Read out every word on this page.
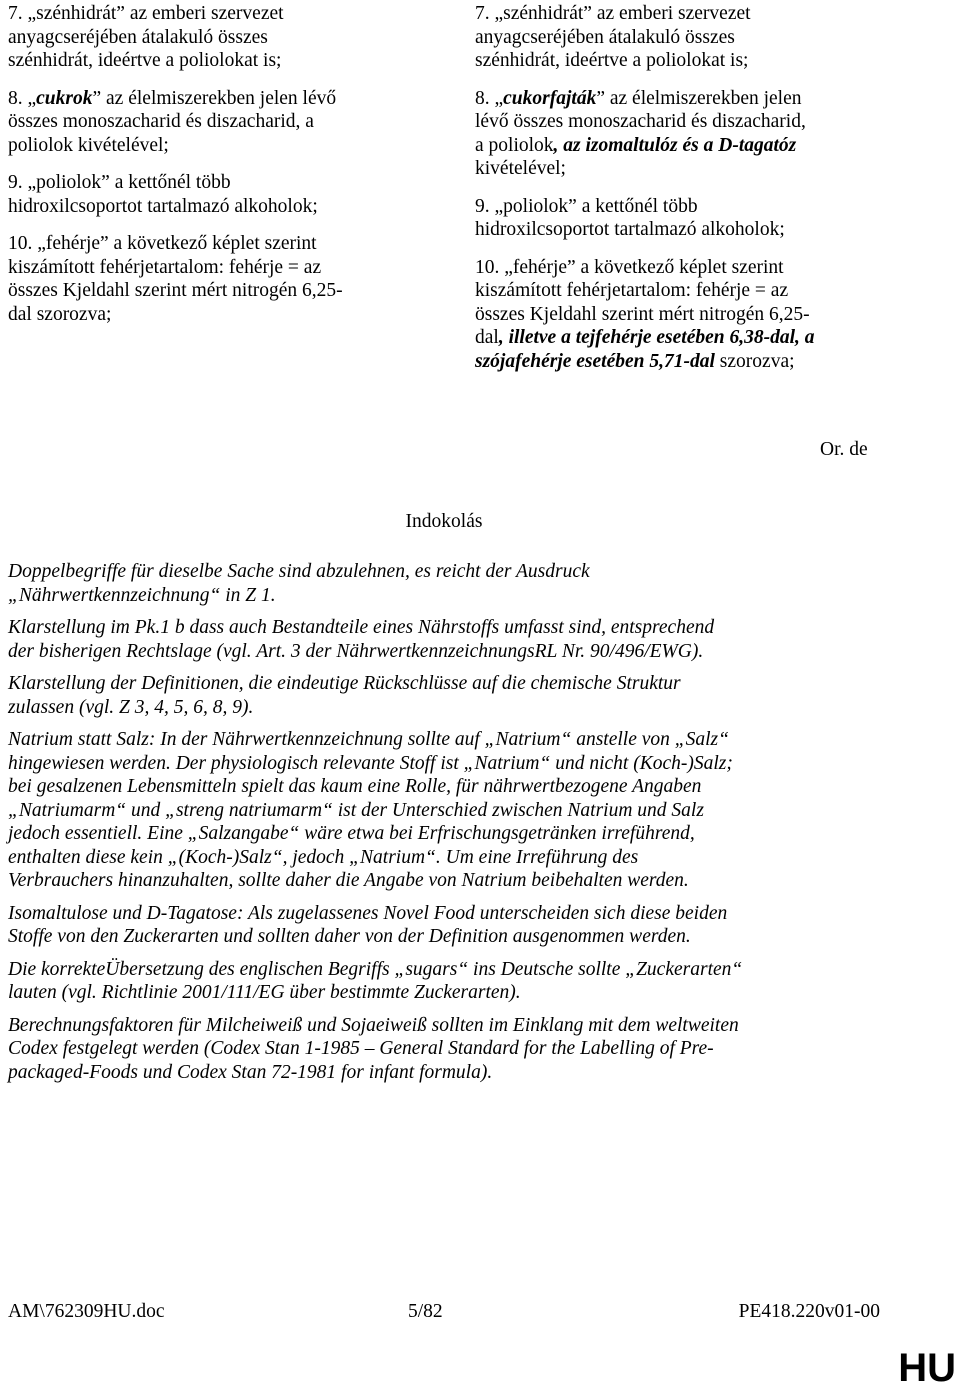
7. „szénhidrát” az emberi szervezet
anyagcseréjében átalakuló összes
szénhidrát, ideértve a poliolokat is;
8. „cukrok” az élelmiszerekben jelen lévő
összes monoszacharid és diszacharid, a
poliolok kivételével;
9. „poliolok” a kettőnél több
hidroxilcsoportot tartalmazó alkoholok;
10. „fehérje” a következő képlet szerint
kiszámított fehérjetartalom: fehérje = az
összes Kjeldahl szerint mért nitrogén 6,25-
dal szorozva;
7. „szénhidrát” az emberi szervezet
anyagcseréjében átalakuló összes
szénhidrát, ideértve a poliolokat is;
8. „cukorfajták” az élelmiszerekben jelen
lévő összes monoszacharid és diszacharid,
a poliolok, az izomaltulóz és a D-tagatóz
kivételével;
9. „poliolok” a kettőnél több
hidroxilcsoportot tartalmazó alkoholok;
10. „fehérje” a következő képlet szerint
kiszámított fehérjetartalom: fehérje = az
összes Kjeldahl szerint mért nitrogén 6,25-
dal, illetve a tejfehérje esetében 6,38-dal, a
szójafehérje esetében 5,71-dal szorozva;
Or. de
Indokolás

Doppelbegriffe für dieselbe Sache sind abzulehnen, es reicht der Ausdruck
„Nährwertkennzeichnung“ in Z 1.

Klarstellung im Pk.1 b dass auch Bestandteile eines Nährstoffs umfasst sind, entsprechend
der bisherigen Rechtslage (vgl. Art. 3 der NährwertkennzeichnungsRL Nr. 90/496/EWG).

Klarstellung der Definitionen, die eindeutige Rückschlüsse auf die chemische Struktur
zulassen (vgl. Z 3, 4, 5, 6, 8, 9).

Natrium statt Salz: In der Nährwertkennzeichnung sollte auf „Natrium“ anstelle von „Salz“
hingewiesen werden. Der physiologisch relevante Stoff ist „Natrium“ und nicht (Koch-)Salz;
bei gesalzenen Lebensmitteln spielt das kaum eine Rolle, für nährwertbezogene Angaben
„Natriumarm“ und „streng natriumarm“ ist der Unterschied zwischen Natrium und Salz
jedoch essentiell. Eine „Salzangabe“ wäre etwa bei Erfrischungsgetränken irreführend,
enthalten diese kein „(Koch-)Salz“, jedoch „Natrium“. Um eine Irreführung des
Verbrauchers hinanzuhalten, sollte daher die Angabe von Natrium beibehalten werden.

Isomaltulose und D-Tagatose: Als zugelassenes Novel Food unterscheiden sich diese beiden
Stoffe von den Zuckerarten und sollten daher von der Definition ausgenommen werden.

Die korrekteÜbersetzung des englischen Begriffs „sugars“ ins Deutsche sollte „Zuckerarten“
lauten (vgl. Richtlinie 2001/111/EG über bestimmte Zuckerarten).

Berechnungsfaktoren für Milcheiweiß und Sojaeiweiß sollten im Einklang mit dem weltweiten
Codex festgelegt werden (Codex Stan 1-1985 – General Standard for the Labelling of Pre-
packaged-Foods und Codex Stan 72-1981 for infant formula).

AM\762309HU.doc	5/82	PE418.220v01-00
HU
